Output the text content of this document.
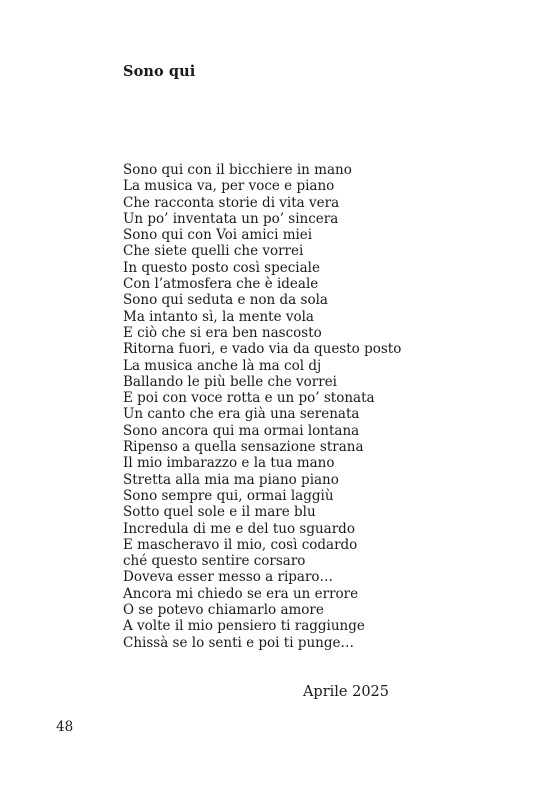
Sono qui
Sono qui con il bicchiere in mano
La musica va, per voce e piano
Che racconta storie di vita vera
Un po’ inventata un po’ sincera
Sono qui con Voi amici miei
Che siete quelli che vorrei
In questo posto così speciale
Con l’atmosfera che è ideale
Sono qui seduta e non da sola
Ma intanto sì, la mente vola
E ciò che si era ben nascosto
Ritorna fuori, e vado via da questo posto
La musica anche là ma col dj
Ballando le più belle che vorrei
E poi con voce rotta e un po’ stonata
Un canto che era già una serenata
Sono ancora qui ma ormai lontana
Ripenso a quella sensazione strana
Il mio imbarazzo e la tua mano
Stretta alla mia ma piano piano
Sono sempre qui, ormai laggiù
Sotto quel sole e il mare blu
Incredula di me e del tuo sguardo
E mascheravo il mio, così codardo
ché questo sentire corsaro
Doveva esser messo a riparo…
Ancora mi chiedo se era un errore
O se potevo chiamarlo amore
A volte il mio pensiero ti raggiunge
Chissà se lo senti e poi ti punge…
Aprile 2025
48
